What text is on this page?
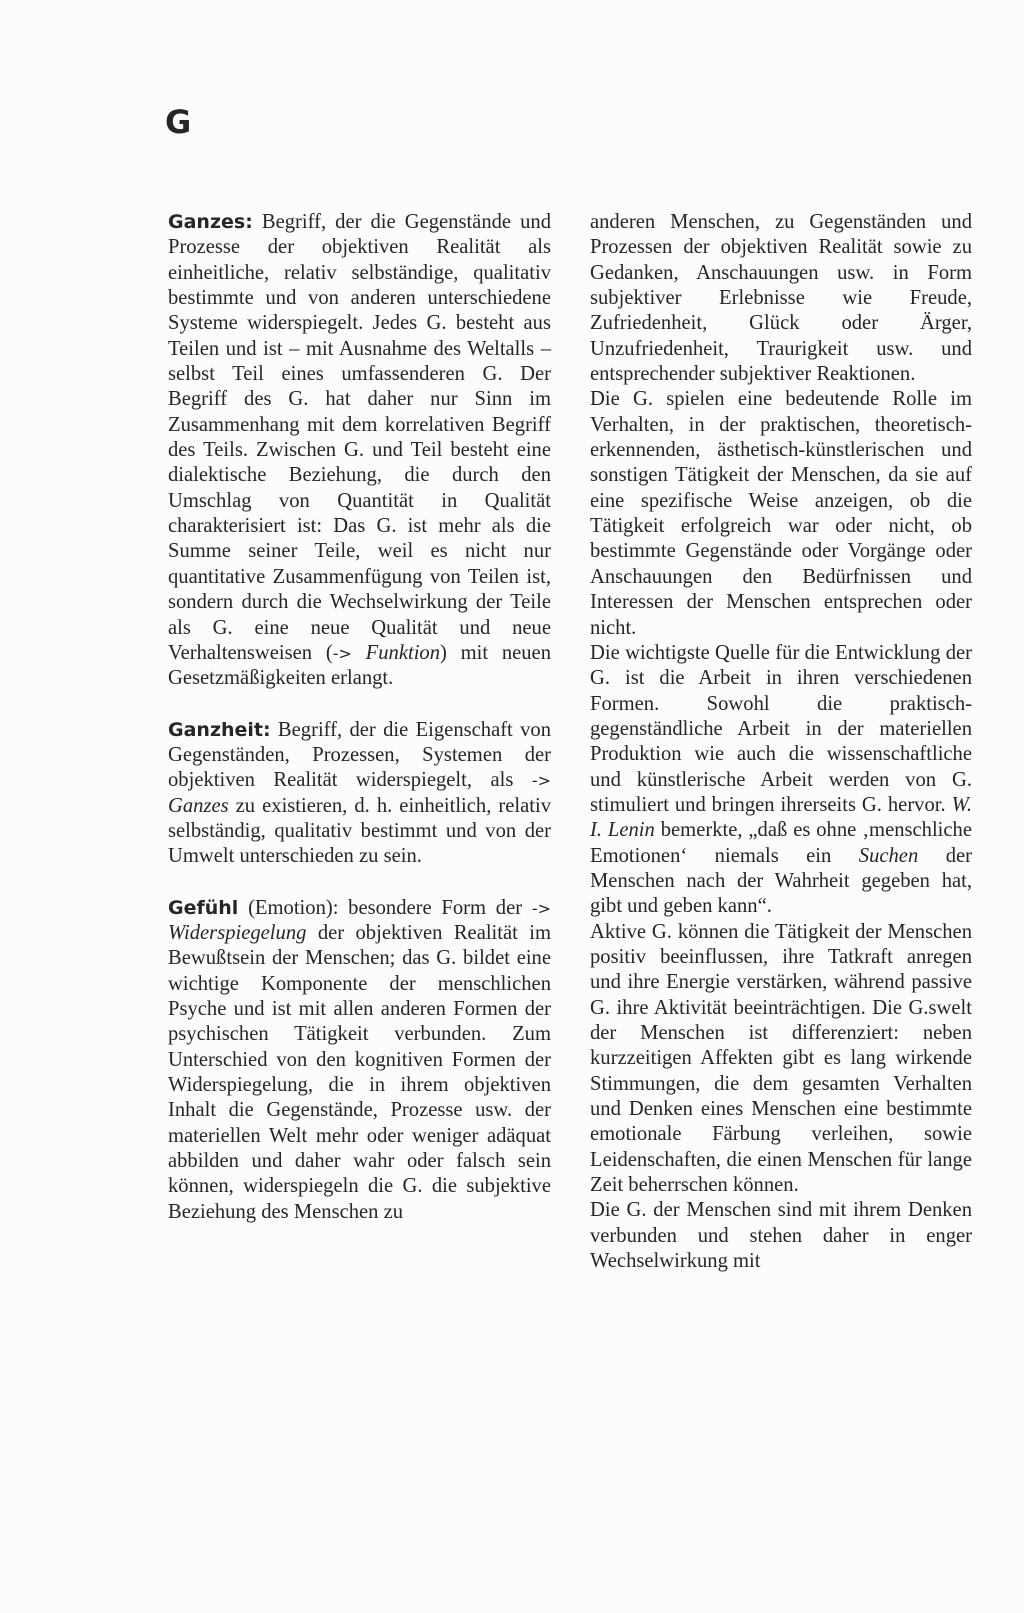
G

Ganzes: Begriff, der die Gegenstände und Prozesse der objektiven Realität als einheitliche, relativ selbständige, qualitativ bestimmte und von anderen unterschiedene Systeme widerspiegelt. Jedes G. besteht aus Teilen und ist – mit Ausnahme des Weltalls – selbst Teil eines umfassenderen G. Der Begriff des G. hat daher nur Sinn im Zusammenhang mit dem korrelativen Begriff des Teils. Zwischen G. und Teil besteht eine dialektische Beziehung, die durch den Umschlag von Quantität in Qualität charakterisiert ist: Das G. ist mehr als die Summe seiner Teile, weil es nicht nur quantitative Zusammenfügung von Teilen ist, sondern durch die Wechselwirkung der Teile als G. eine neue Qualität und neue Verhaltensweisen (-> Funktion) mit neuen Gesetzmäßigkeiten erlangt.

Ganzheit: Begriff, der die Eigenschaft von Gegenständen, Prozessen, Systemen der objektiven Realität widerspiegelt, als -> Ganzes zu existieren, d. h. einheitlich, relativ selbständig, qualitativ bestimmt und von der Umwelt unterschieden zu sein.

Gefühl (Emotion): besondere Form der -> Widerspiegelung der objektiven Realität im Bewußtsein der Menschen; das G. bildet eine wichtige Komponente der menschlichen Psyche und ist mit allen anderen Formen der psychischen Tätigkeit verbunden. Zum Unterschied von den kognitiven Formen der Widerspiegelung, die in ihrem objektiven Inhalt die Gegenstände, Prozesse usw. der materiellen Welt mehr oder weniger adäquat abbilden und daher wahr oder falsch sein können, widerspiegeln die G. die subjektive Beziehung des Menschen zu

anderen Menschen, zu Gegenständen und Prozessen der objektiven Realität sowie zu Gedanken, Anschauungen usw. in Form subjektiver Erlebnisse wie Freude, Zufriedenheit, Glück oder Ärger, Unzufriedenheit, Traurigkeit usw. und entsprechender subjektiver Reaktionen.

Die G. spielen eine bedeutende Rolle im Verhalten, in der praktischen, theoretisch-erkennenden, ästhetisch-künstlerischen und sonstigen Tätigkeit der Menschen, da sie auf eine spezifische Weise anzeigen, ob die Tätigkeit erfolgreich war oder nicht, ob bestimmte Gegenstände oder Vorgänge oder Anschauungen den Bedürfnissen und Interessen der Menschen entsprechen oder nicht.

Die wichtigste Quelle für die Entwicklung der G. ist die Arbeit in ihren verschiedenen Formen. Sowohl die praktisch-gegenständliche Arbeit in der materiellen Produktion wie auch die wissenschaftliche und künstlerische Arbeit werden von G. stimuliert und bringen ihrerseits G. hervor. W. I. Lenin bemerkte, „daß es ohne ‚menschliche Emotionen‘ niemals ein Suchen der Menschen nach der Wahrheit gegeben hat, gibt und geben kann“.

Aktive G. können die Tätigkeit der Menschen positiv beeinflussen, ihre Tatkraft anregen und ihre Energie verstärken, während passive G. ihre Aktivität beeinträchtigen. Die G.swelt der Menschen ist differenziert: neben kurzzeitigen Affekten gibt es lang wirkende Stimmungen, die dem gesamten Verhalten und Denken eines Menschen eine bestimmte emotionale Färbung verleihen, sowie Leidenschaften, die einen Menschen für lange Zeit beherrschen können.

Die G. der Menschen sind mit ihrem Denken verbunden und stehen daher in enger Wechselwirkung mit
